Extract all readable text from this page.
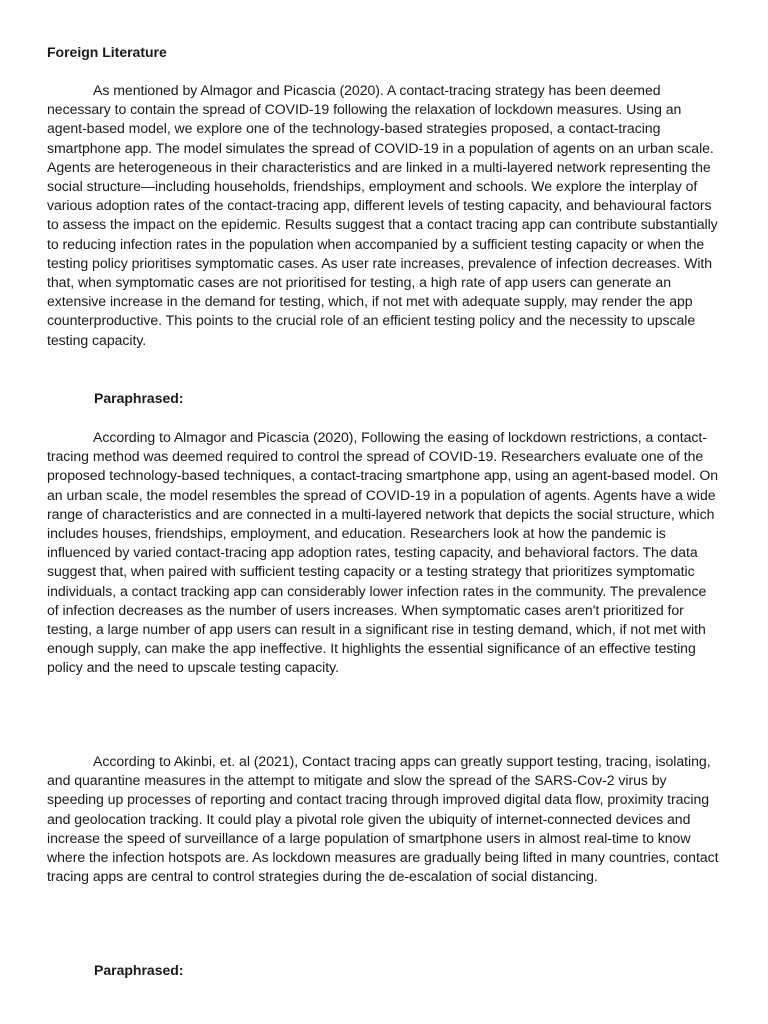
Foreign Literature

As mentioned by Almagor and Picascia (2020). A contact-tracing strategy has been deemed necessary to contain the spread of COVID-19 following the relaxation of lockdown measures. Using an agent-based model, we explore one of the technology-based strategies proposed, a contact-tracing smartphone app. The model simulates the spread of COVID-19 in a population of agents on an urban scale. Agents are heterogeneous in their characteristics and are linked in a multi-layered network representing the social structure—including households, friendships, employment and schools. We explore the interplay of various adoption rates of the contact-tracing app, different levels of testing capacity, and behavioural factors to assess the impact on the epidemic. Results suggest that a contact tracing app can contribute substantially to reducing infection rates in the population when accompanied by a sufficient testing capacity or when the testing policy prioritises symptomatic cases. As user rate increases, prevalence of infection decreases. With that, when symptomatic cases are not prioritised for testing, a high rate of app users can generate an extensive increase in the demand for testing, which, if not met with adequate supply, may render the app counterproductive. This points to the crucial role of an efficient testing policy and the necessity to upscale testing capacity.

Paraphrased:

According to Almagor and Picascia (2020), Following the easing of lockdown restrictions, a contact-tracing method was deemed required to control the spread of COVID-19. Researchers evaluate one of the proposed technology-based techniques, a contact-tracing smartphone app, using an agent-based model. On an urban scale, the model resembles the spread of COVID-19 in a population of agents. Agents have a wide range of characteristics and are connected in a multi-layered network that depicts the social structure, which includes houses, friendships, employment, and education. Researchers look at how the pandemic is influenced by varied contact-tracing app adoption rates, testing capacity, and behavioral factors. The data suggest that, when paired with sufficient testing capacity or a testing strategy that prioritizes symptomatic individuals, a contact tracking app can considerably lower infection rates in the community. The prevalence of infection decreases as the number of users increases. When symptomatic cases aren't prioritized for testing, a large number of app users can result in a significant rise in testing demand, which, if not met with enough supply, can make the app ineffective. It highlights the essential significance of an effective testing policy and the need to upscale testing capacity.

According to Akinbi, et. al (2021), Contact tracing apps can greatly support testing, tracing, isolating, and quarantine measures in the attempt to mitigate and slow the spread of the SARS-Cov-2 virus by speeding up processes of reporting and contact tracing through improved digital data flow, proximity tracing and geolocation tracking. It could play a pivotal role given the ubiquity of internet-connected devices and increase the speed of surveillance of a large population of smartphone users in almost real-time to know where the infection hotspots are. As lockdown measures are gradually being lifted in many countries, contact tracing apps are central to control strategies during the de-escalation of social distancing.

Paraphrased:
